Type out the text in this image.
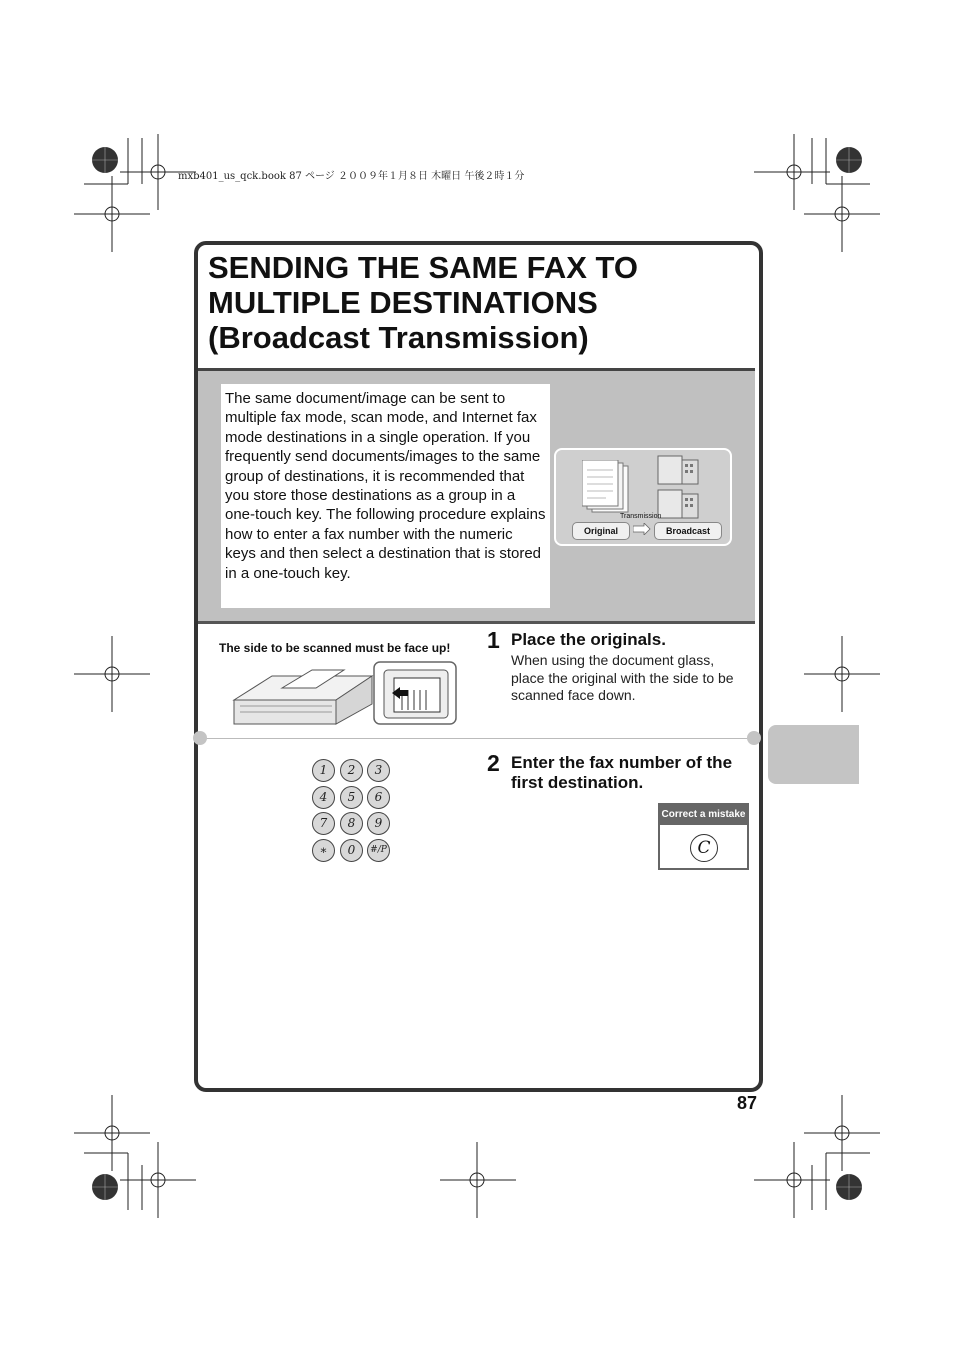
mxb401_us_qck.book 87 ページ ２００９年１月８日 木曜日 午後２時１分
SENDING THE SAME FAX TO
MULTIPLE DESTINATIONS
(Broadcast Transmission)
The same document/image can be sent to multiple fax mode, scan mode, and Internet fax mode destinations in a single operation. If you frequently send documents/images to the same group of destinations, it is recommended that you store those destinations as a group in a one-touch key. The following procedure explains how to enter a fax number with the numeric keys and then select a destination that is stored in a one-touch key.
Original
Transmission
Broadcast
The side to be scanned must be face up! 1 Place the originals.
When using the document glass, place the original with the side to be scanned face down.
1	2	3
4	5	6
7	8	9
∗	0	#/P
2 Enter the fax number of the
first destination.
Correct a mistake
C
87
